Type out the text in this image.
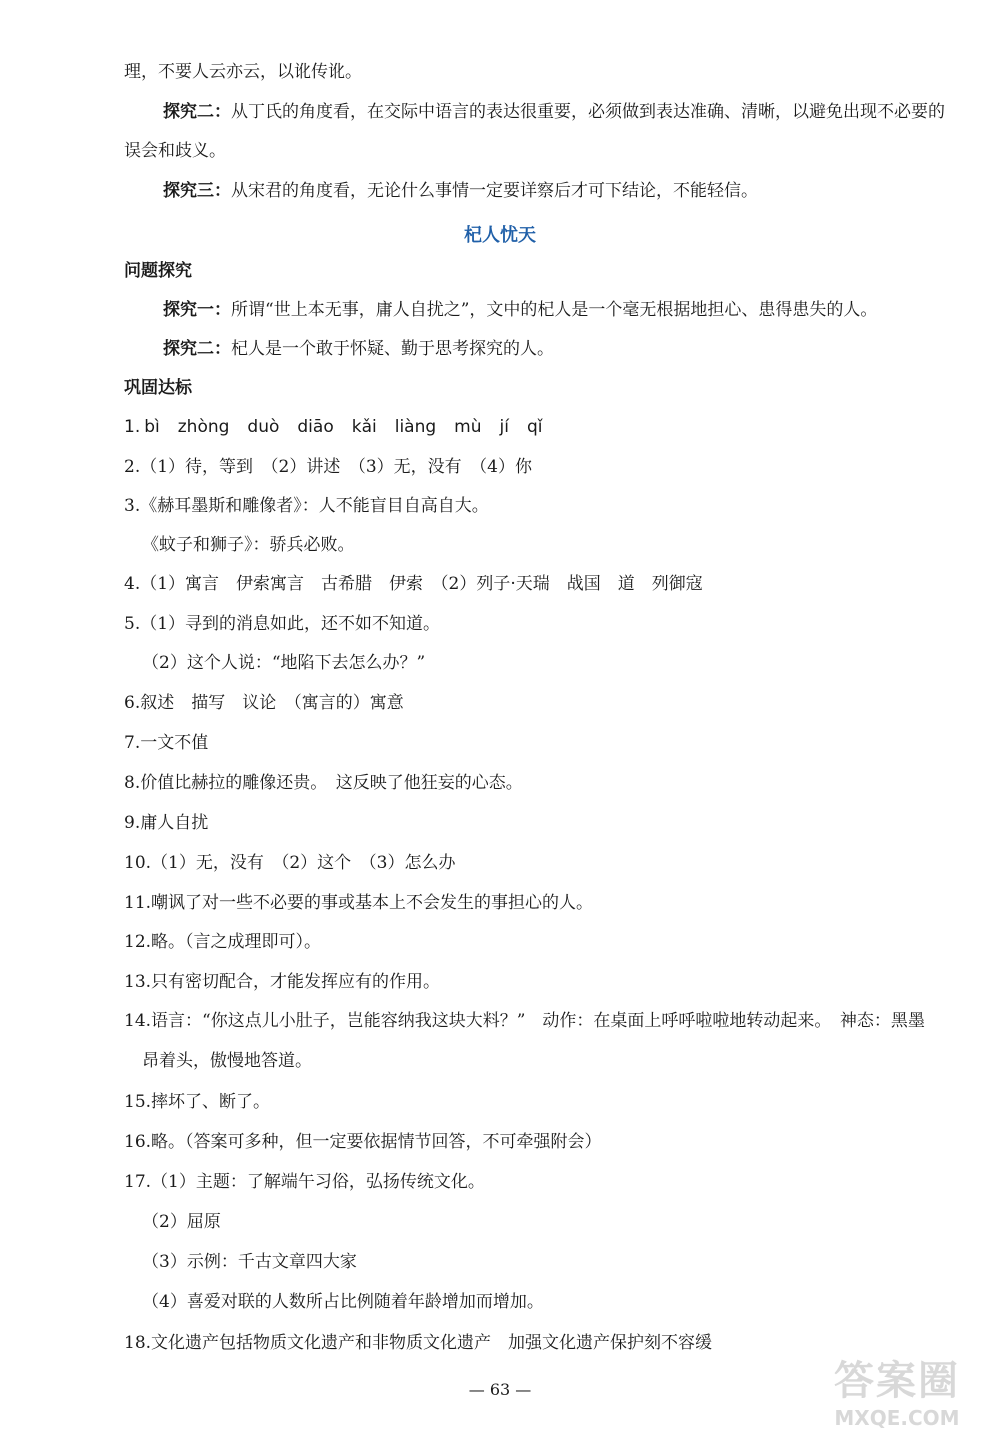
理，不要人云亦云，以讹传讹。
探究二：从丁氏的角度看，在交际中语言的表达很重要，必须做到表达准确、清晰，以避免出现不必要的
误会和歧义。
探究三：从宋君的角度看，无论什么事情一定要详察后才可下结论，不能轻信。
杞人忧天
问题探究
探究一：所谓“世上本无事，庸人自扰之”，文中的杞人是一个毫无根据地担心、患得患失的人。
探究二：杞人是一个敢于怀疑、勤于思考探究的人。
巩固达标
1. bì zhòng duò diāo kǎi liàng mù jí qǐ
2.（1）待，等到　（2）讲述　（3）无，没有　（4）你
3.《赫耳墨斯和雕像者》：人不能盲目自高自大。
《蚊子和狮子》：骄兵必败。
4.（1）寓言　伊索寓言　古希腊　伊索　（2）列子·天瑞　战国　道　列御寇
5.（1）寻到的消息如此，还不如不知道。
（2）这个人说：“地陷下去怎么办？”
6.叙述　描写　议论　（寓言的）寓意
7.一文不值
8.价值比赫拉的雕像还贵。　这反映了他狂妄的心态。
9.庸人自扰
10.（1）无，没有　（2）这个　（3）怎么办
11.嘲讽了对一些不必要的事或基本上不会发生的事担心的人。
12.略。（言之成理即可）。
13.只有密切配合，才能发挥应有的作用。
14.语言：“你这点儿小肚子，岂能容纳我这块大料？”　动作：在桌面上呼呼啦啦地转动起来。　神态：黑墨
昂着头，傲慢地答道。
15.摔坏了、断了。
16.略。（答案可多种，但一定要依据情节回答，不可牵强附会）
17.（1）主题：了解端午习俗，弘扬传统文化。
（2）屈原
（3）示例：千古文章四大家
（4）喜爱对联的人数所占比例随着年龄增加而增加。
18.文化遗产包括物质文化遗产和非物质文化遗产　加强文化遗产保护刻不容缓
— 63 —	答案圈
MXQE.COM
